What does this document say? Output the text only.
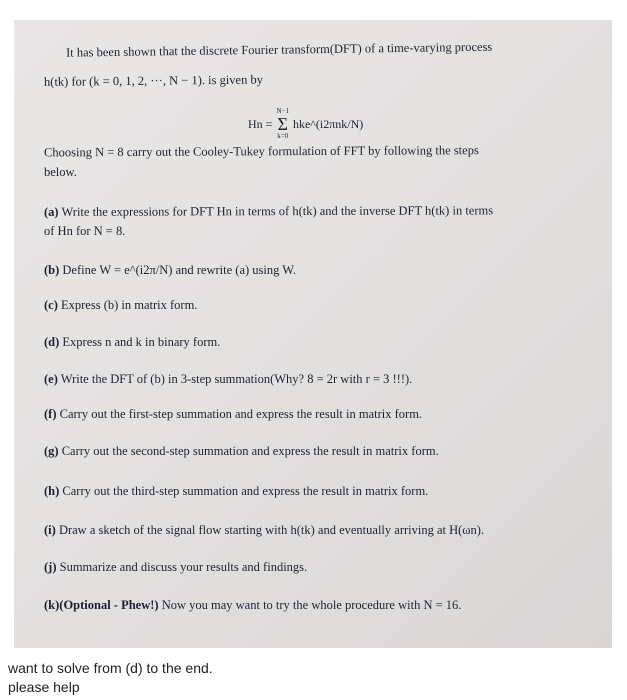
It has been shown that the discrete Fourier transform(DFT) of a time-varying process
h(tk) for (k = 0, 1, 2, ···, N − 1). is given by
Hn =
N−1
Σ
k=0
hke^(i2πnk/N)
Choosing N = 8 carry out the Cooley-Tukey formulation of FFT by following the steps
below.
(a) Write the expressions for DFT Hn in terms of h(tk) and the inverse DFT h(tk) in terms
of Hn for N = 8.
(b) Define W = e^(i2π/N) and rewrite (a) using W.
(c) Express (b) in matrix form.
(d) Express n and k in binary form.
(e) Write the DFT of (b) in 3-step summation(Why? 8 = 2r with r = 3 !!!).
(f) Carry out the first-step summation and express the result in matrix form.
(g) Carry out the second-step summation and express the result in matrix form.
(h) Carry out the third-step summation and express the result in matrix form.
(i) Draw a sketch of the signal flow starting with h(tk) and eventually arriving at H(ωn).
(j) Summarize and discuss your results and findings.
(k)(Optional - Phew!) Now you may want to try the whole procedure with N = 16.
want to solve from (d) to the end.
please help
